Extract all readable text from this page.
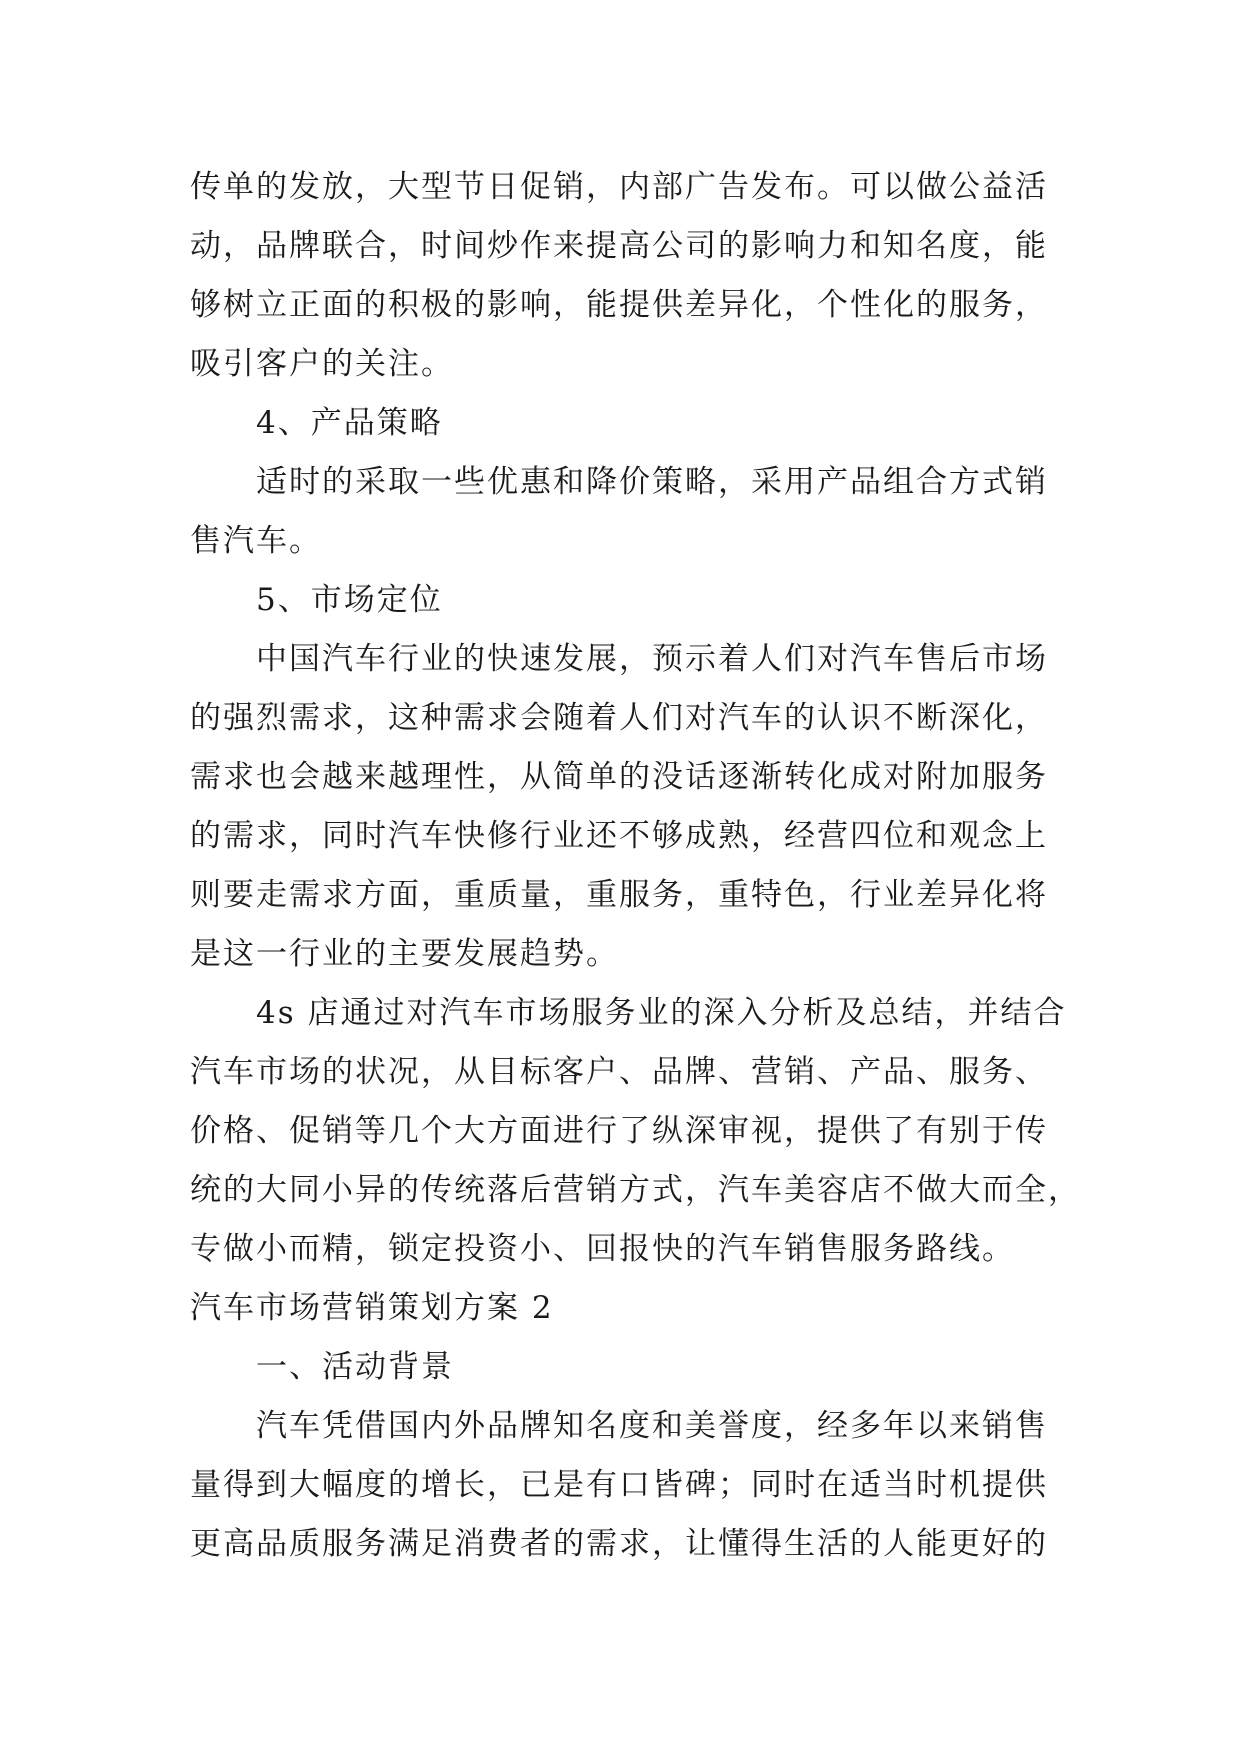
传单的发放，大型节日促销，内部广告发布。可以做公益活
动，品牌联合，时间炒作来提高公司的影响力和知名度，能
够树立正面的积极的影响，能提供差异化，个性化的服务，
吸引客户的关注。
4、产品策略
适时的采取一些优惠和降价策略，采用产品组合方式销
售汽车。
5、市场定位
中国汽车行业的快速发展，预示着人们对汽车售后市场
的强烈需求，这种需求会随着人们对汽车的认识不断深化，
需求也会越来越理性，从简单的没话逐渐转化成对附加服务
的需求，同时汽车快修行业还不够成熟，经营四位和观念上
则要走需求方面，重质量，重服务，重特色，行业差异化将
是这一行业的主要发展趋势。
4s 店通过对汽车市场服务业的深入分析及总结，并结合
汽车市场的状况，从目标客户、品牌、营销、产品、服务、
价格、促销等几个大方面进行了纵深审视，提供了有别于传
统的大同小异的传统落后营销方式，汽车美容店不做大而全，
专做小而精，锁定投资小、回报快的汽车销售服务路线。
汽车市场营销策划方案 2
一、活动背景
汽车凭借国内外品牌知名度和美誉度，经多年以来销售
量得到大幅度的增长，已是有口皆碑；同时在适当时机提供
更高品质服务满足消费者的需求，让懂得生活的人能更好的
